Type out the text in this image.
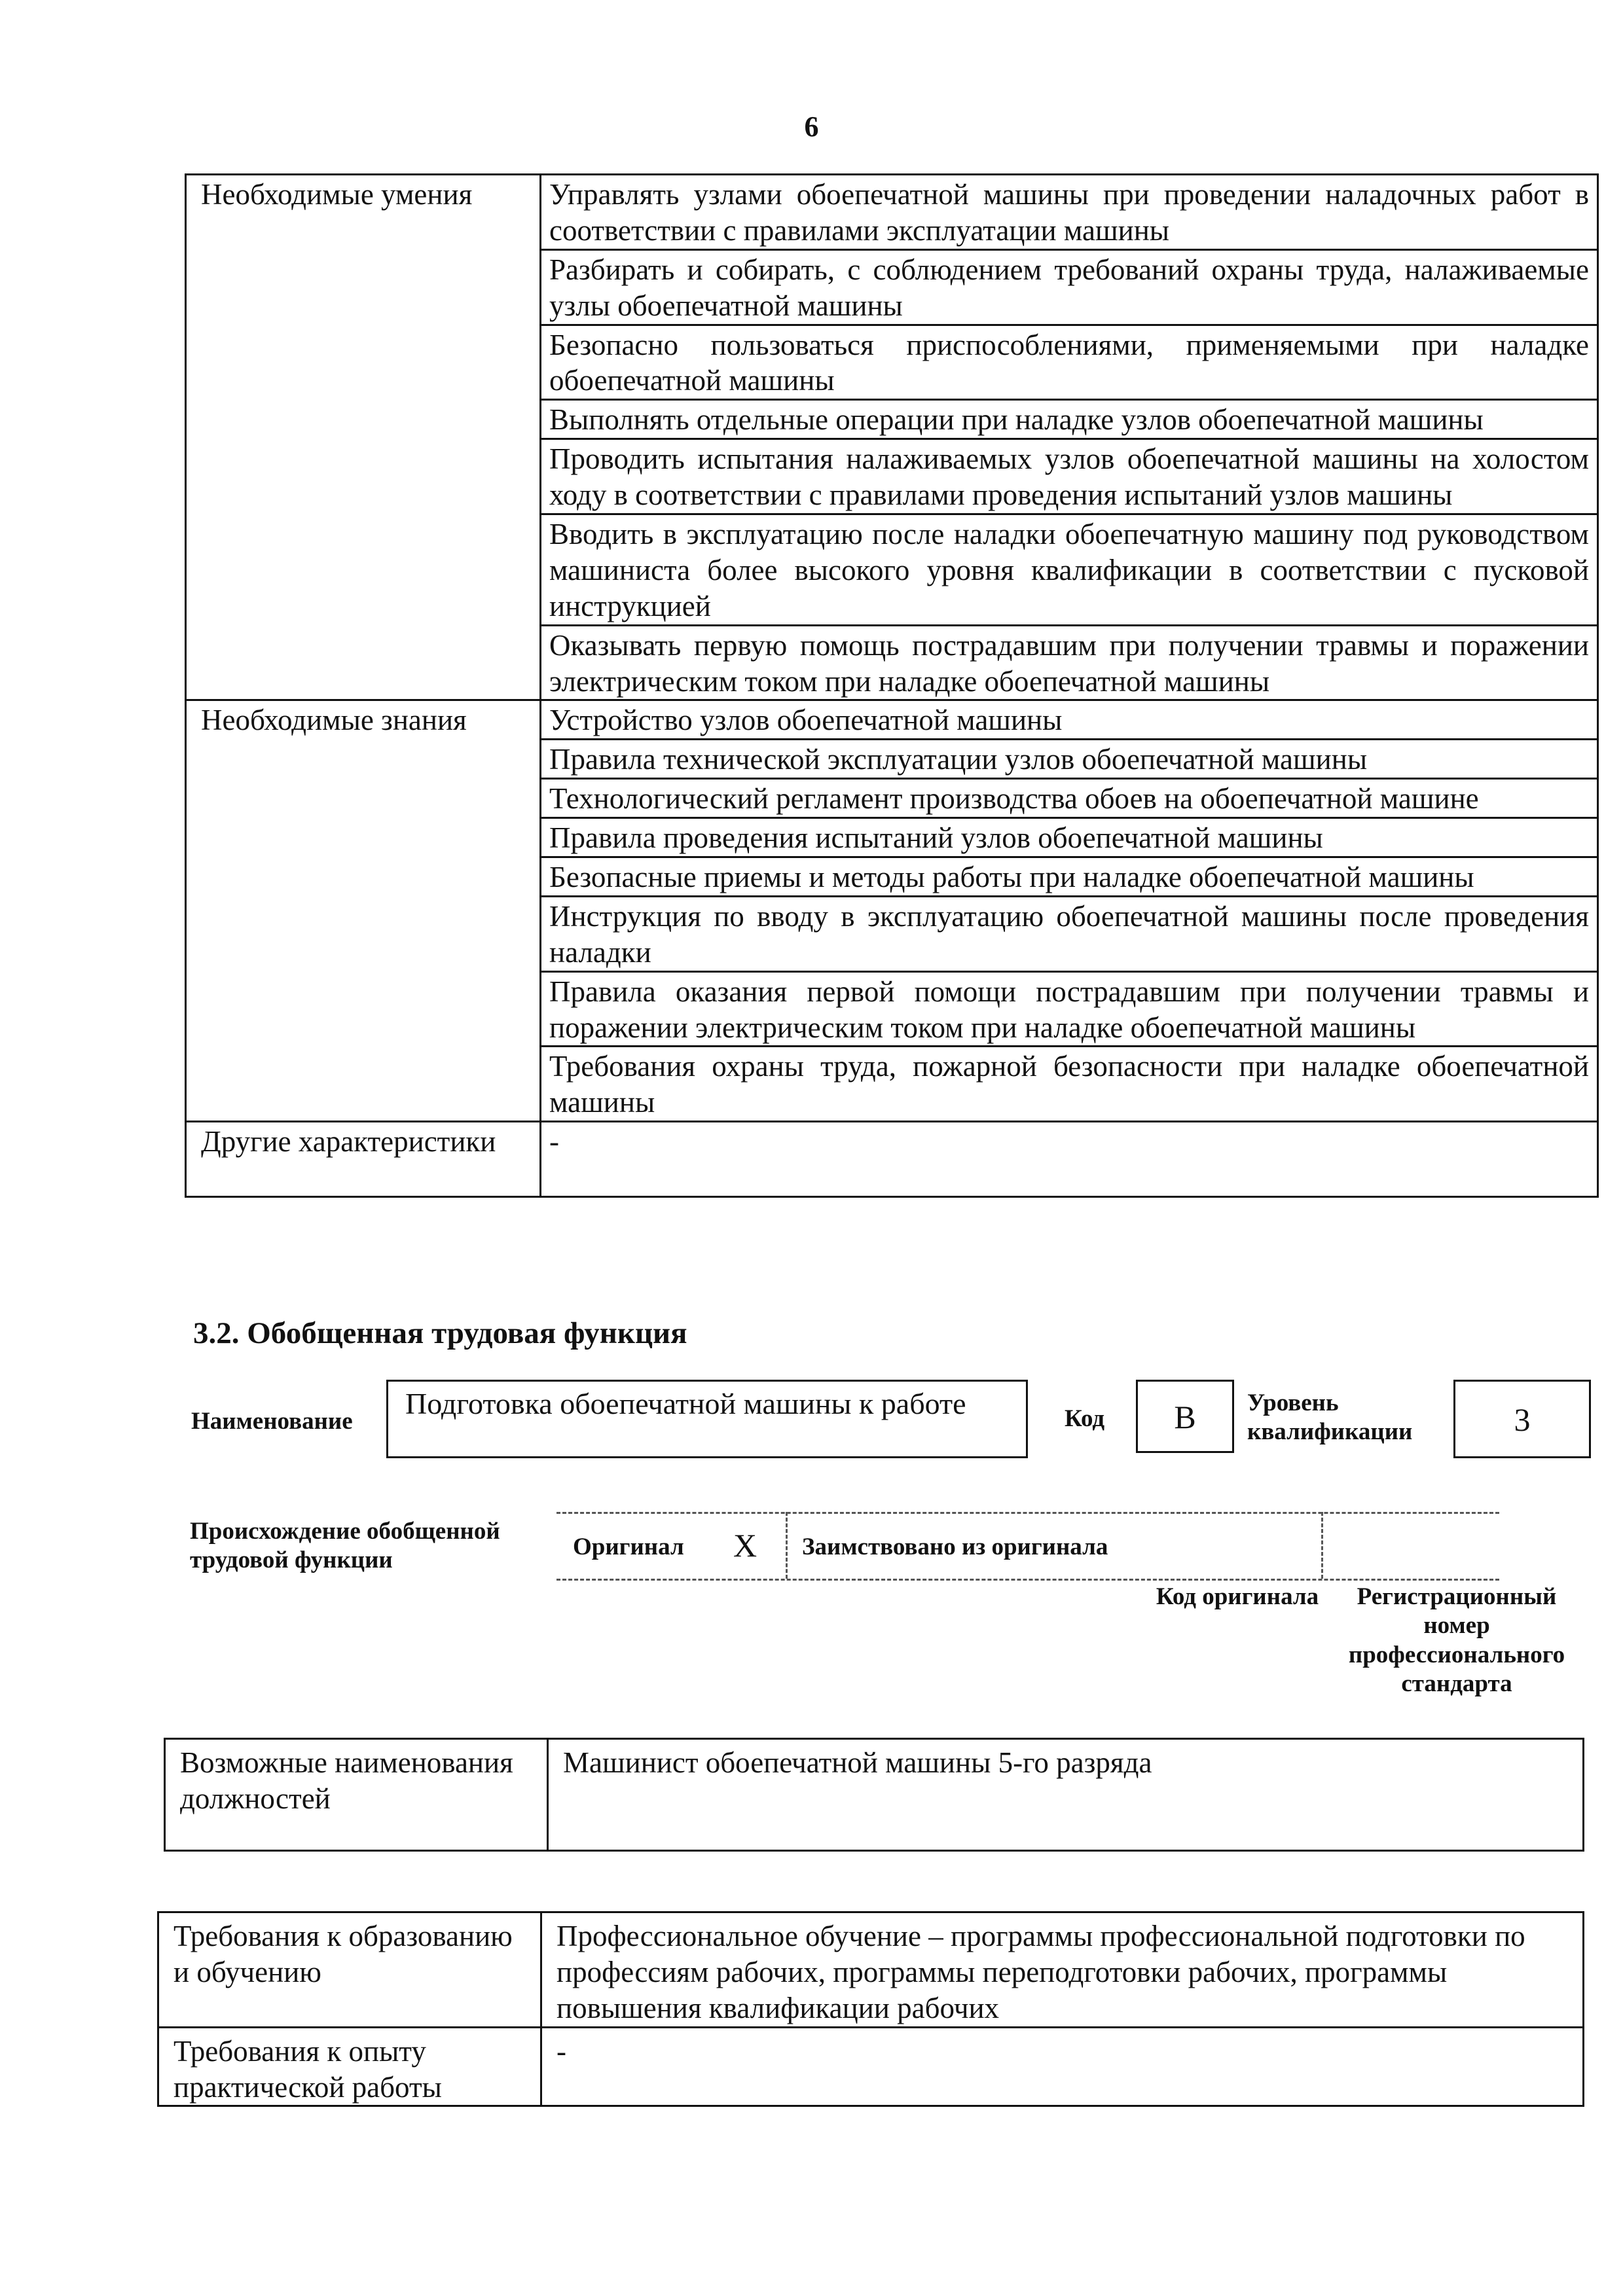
6
Необходимые умения	Управлять узлами обоепечатной машины при проведении наладочных работ в соответствии с правилами эксплуатации машины
	Разбирать и собирать, с соблюдением требований охраны труда, налаживаемые узлы обоепечатной машины
	Безопасно пользоваться приспособлениями, применяемыми при наладке обоепечатной машины
	Выполнять отдельные операции при наладке узлов обоепечатной машины
	Проводить испытания налаживаемых узлов обоепечатной машины на холостом ходу в соответствии с правилами проведения испытаний узлов машины
	Вводить в эксплуатацию после наладки обоепечатную машину под руководством машиниста более высокого уровня квалификации в соответствии с пусковой инструкцией
	Оказывать первую помощь пострадавшим при получении травмы и поражении электрическим током при наладке обоепечатной машины
Необходимые знания	Устройство узлов обоепечатной машины
	Правила технической эксплуатации узлов обоепечатной машины
	Технологический регламент производства обоев на обоепечатной машине
	Правила проведения испытаний узлов обоепечатной машины
	Безопасные приемы и методы работы при наладке обоепечатной машины
	Инструкция по вводу в эксплуатацию обоепечатной машины после проведения наладки
	Правила оказания первой помощи пострадавшим при получении травмы и поражении электрическим током при наладке обоепечатной машины
	Требования охраны труда, пожарной безопасности при наладке обоепечатной машины
Другие характеристики	-
3.2. Обобщенная трудовая функция
Наименование
Подготовка обоепечатной машины к работе	Код	B	Уровень квалификации	3
Происхождение обобщенной трудовой функции	Оригинал X Заимствовано из оригинала
Код оригинала	Регистрационный номер профессионального стандарта
Возможные наименования должностей	Машинист обоепечатной машины 5-го разряда
Требования к образованию и обучению	Профессиональное обучение – программы профессиональной подготовки по профессиям рабочих, программы переподготовки рабочих, программы повышения квалификации рабочих
Требования к опыту практической работы	-
